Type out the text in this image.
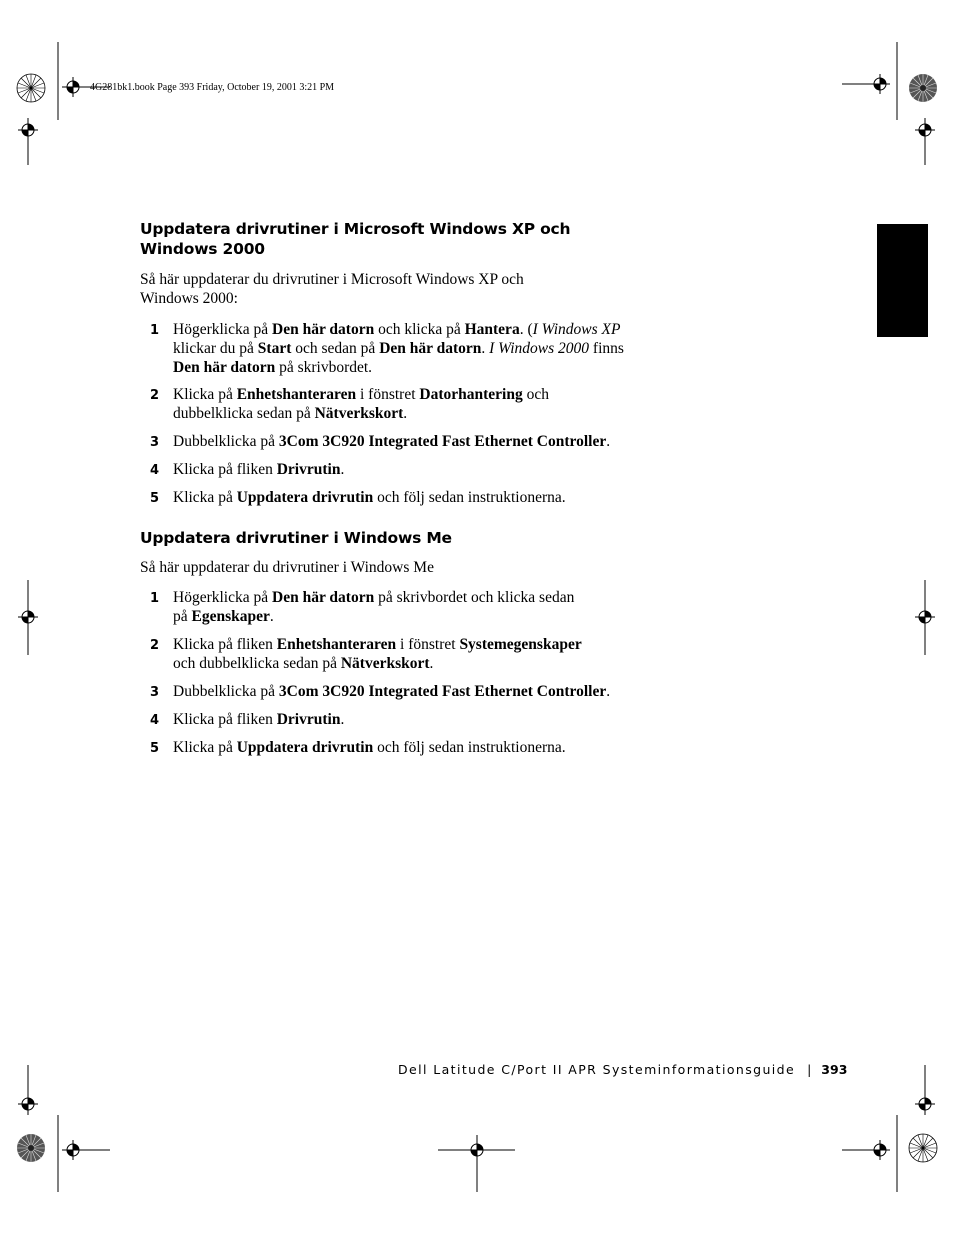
4G281bk1.book Page 393 Friday, October 19, 2001 3:21 PM
Uppdatera drivrutiner i Microsoft Windows XP och
Windows 2000
Så här uppdaterar du drivrutiner i Microsoft Windows XP och
Windows 2000:
1 Högerklicka på Den här datorn och klicka på Hantera. (I Windows XP
klickar du på Start och sedan på Den här datorn. I Windows 2000 finns
Den här datorn på skrivbordet.
2 Klicka på Enhetshanteraren i fönstret Datorhantering och
dubbelklicka sedan på Nätverkskort.
3 Dubbelklicka på 3Com 3C920 Integrated Fast Ethernet Controller.
4 Klicka på fliken Drivrutin.
5 Klicka på Uppdatera drivrutin och följ sedan instruktionerna.
Uppdatera drivrutiner i Windows Me
Så här uppdaterar du drivrutiner i Windows Me
1 Högerklicka på Den här datorn på skrivbordet och klicka sedan
på Egenskaper.
2 Klicka på fliken Enhetshanteraren i fönstret Systemegenskaper
och dubbelklicka sedan på Nätverkskort.
3 Dubbelklicka på 3Com 3C920 Integrated Fast Ethernet Controller.
4 Klicka på fliken Drivrutin.
5 Klicka på Uppdatera drivrutin och följ sedan instruktionerna.
Dell Latitude C/Port II APR Systeminformationsguide | 393
